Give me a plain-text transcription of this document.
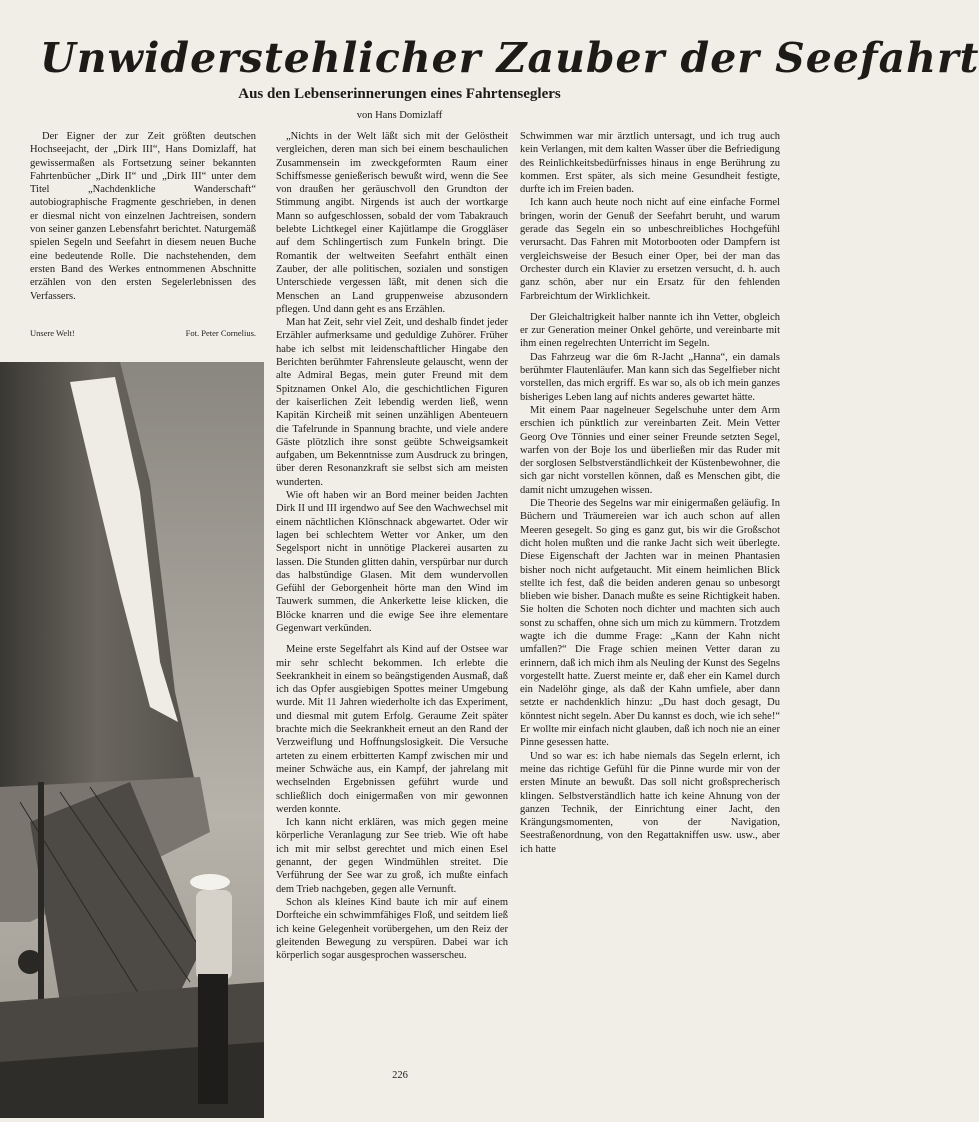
Unwiderstehlicher Zauber der Seefahrt
Aus den Lebenserinnerungen eines Fahrtenseglers
von Hans Domizlaff

Der Eigner der zur Zeit größten deutschen Hochseejacht, der „Dirk III“, Hans Domizlaff, hat gewissermaßen als Fortsetzung seiner bekannten Fahrtenbücher „Dirk II“ und „Dirk III“ unter dem Titel „Nachdenkliche Wanderschaft“ autobiographische Fragmente geschrieben, in denen er diesmal nicht von einzelnen Jachtreisen, sondern von seiner ganzen Lebensfahrt berichtet. Naturgemäß spielen Segeln und Seefahrt in diesem neuen Buche eine bedeutende Rolle. Die nachstehenden, dem ersten Band des Werkes entnommenen Abschnitte erzählen von den ersten Segelerlebnissen des Verfassers.

Unsere Welt!	Fot. Peter Cornelius.

„Nichts in der Welt läßt sich mit der Gelöstheit vergleichen, deren man sich bei einem beschaulichen Zusammensein im zweckgeformten Raum einer Schiffsmesse genießerisch bewußt wird, wenn die See von draußen her geräuschvoll den Grundton der Stimmung angibt. Nirgends ist auch der wortkarge Mann so aufgeschlossen, sobald der vom Tabakrauch belebte Lichtkegel einer Kajütlampe die Groggläser auf dem Schlingertisch zum Funkeln bringt. Die Romantik der weltweiten Seefahrt enthält einen Zauber, der alle politischen, sozialen und sonstigen Unterschiede vergessen läßt, mit denen sich die Menschen an Land gruppenweise abzusondern pflegen. Und dann geht es ans Erzählen.

Man hat Zeit, sehr viel Zeit, und deshalb findet jeder Erzähler aufmerksame und geduldige Zuhörer. Früher habe ich selbst mit leidenschaftlicher Hingabe den Berichten berühmter Fahrensleute gelauscht, wenn der alte Admiral Begas, mein guter Freund mit dem Spitznamen Onkel Alo, die geschichtlichen Figuren der kaiserlichen Zeit lebendig werden ließ, wenn Kapitän Kircheiß mit seinen unzähligen Abenteuern die Tafelrunde in Spannung brachte, und viele andere Gäste plötzlich ihre sonst geübte Schweigsamkeit aufgaben, um Bekenntnisse zum Ausdruck zu bringen, über deren Resonanzkraft sie selbst sich am meisten wunderten.

Wie oft haben wir an Bord meiner beiden Jachten Dirk II und III irgendwo auf See den Wachwechsel mit einem nächtlichen Klönschnack abgewartet. Oder wir lagen bei schlechtem Wetter vor Anker, um den Segelsport nicht in unnötige Plackerei ausarten zu lassen. Die Stunden glitten dahin, verspürbar nur durch das halbstündige Glasen. Mit dem wundervollen Gefühl der Geborgenheit hörte man den Wind im Tauwerk summen, die Ankerkette leise klicken, die Blöcke knarren und die ewige See ihre elementare Gegenwart verkünden.

Meine erste Segelfahrt als Kind auf der Ostsee war mir sehr schlecht bekommen. Ich erlebte die Seekrankheit in einem so beängstigenden Ausmaß, daß ich das Opfer ausgiebigen Spottes meiner Umgebung wurde. Mit 11 Jahren wiederholte ich das Experiment, und diesmal mit gutem Erfolg. Geraume Zeit später brachte mich die Seekrankheit erneut an den Rand der Verzweiflung und Hoffnungslosigkeit. Die Versuche arteten zu einem erbitterten Kampf zwischen mir und meiner Schwäche aus, ein Kampf, der jahrelang mit wechselnden Ergebnissen geführt wurde und schließlich doch einigermaßen von mir gewonnen werden konnte.

Ich kann nicht erklären, was mich gegen meine körperliche Veranlagung zur See trieb. Wie oft habe ich mit mir selbst gerechtet und mich einen Esel genannt, der gegen Windmühlen streitet. Die Verführung der See war zu groß, ich mußte einfach dem Trieb nachgeben, gegen alle Vernunft.

Schon als kleines Kind baute ich mir auf einem Dorfteiche ein schwimmfähiges Floß, und seitdem ließ ich keine Gelegenheit vorübergehen, um den Reiz der gleitenden Bewegung zu verspüren. Dabei war ich körperlich sogar ausgesprochen wasserscheu.

Schwimmen war mir ärztlich untersagt, und ich trug auch kein Verlangen, mit dem kalten Wasser über die Befriedigung des Reinlichkeitsbedürfnisses hinaus in enge Berührung zu kommen. Erst später, als sich meine Gesundheit festigte, durfte ich im Freien baden.

Ich kann auch heute noch nicht auf eine einfache Formel bringen, worin der Genuß der Seefahrt beruht, und warum gerade das Segeln ein so unbeschreibliches Hochgefühl verursacht. Das Fahren mit Motorbooten oder Dampfern ist vergleichsweise der Besuch einer Oper, bei der man das Orchester durch ein Klavier zu ersetzen versucht, d. h. auch ganz schön, aber nur ein Ersatz für den fehlenden Farbreichtum der Wirklichkeit.

Der Gleichaltrigkeit halber nannte ich ihn Vetter, obgleich er zur Generation meiner Onkel gehörte, und vereinbarte mit ihm einen regelrechten Unterricht im Segeln.

Das Fahrzeug war die 6m R-Jacht „Hanna“, ein damals berühmter Flautenläufer. Man kann sich das Segelfieber nicht vorstellen, das mich ergriff. Es war so, als ob ich mein ganzes bisheriges Leben lang auf nichts anderes gewartet hätte.

Mit einem Paar nagelneuer Segelschuhe unter dem Arm erschien ich pünktlich zur vereinbarten Zeit. Mein Vetter Georg Ove Tönnies und einer seiner Freunde setzten Segel, warfen von der Boje los und überließen mir das Ruder mit der sorglosen Selbstverständlichkeit der Küstenbewohner, die sich gar nicht vorstellen können, daß es Menschen gibt, die damit nicht umzugehen wissen.

Die Theorie des Segelns war mir einigermaßen geläufig. In Büchern und Träumereien war ich auch schon auf allen Meeren gesegelt. So ging es ganz gut, bis wir die Großschot dicht holen mußten und die ranke Jacht sich weit überlegte. Diese Eigenschaft der Jachten war in meinen Phantasien bisher noch nicht aufgetaucht. Mit einem heimlichen Blick stellte ich fest, daß die beiden anderen genau so unbesorgt blieben wie bisher. Danach mußte es seine Richtigkeit haben. Sie holten die Schoten noch dichter und machten sich auch sonst zu schaffen, ohne sich um mich zu kümmern. Trotzdem wagte ich die dumme Frage: „Kann der Kahn nicht umfallen?“ Die Frage schien meinen Vetter daran zu erinnern, daß ich mich ihm als Neuling der Kunst des Segelns vorgestellt hatte. Zuerst meinte er, daß eher ein Kamel durch ein Nadelöhr ginge, als daß der Kahn umfiele, aber dann setzte er nachdenklich hinzu: „Du hast doch gesagt, Du könntest nicht segeln. Aber Du kannst es doch, wie ich sehe!“ Er wollte mir einfach nicht glauben, daß ich noch nie an einer Pinne gesessen hatte.

Und so war es: ich habe niemals das Segeln erlernt, ich meine das richtige Gefühl für die Pinne wurde mir von der ersten Minute an bewußt. Das soll nicht großsprecherisch klingen. Selbstverständlich hatte ich keine Ahnung von der ganzen Technik, der Einrichtung einer Jacht, den Krängungsmomenten, von der Navigation, Seestraßenordnung, von den Regattakniffen usw. usw., aber ich hatte

226
